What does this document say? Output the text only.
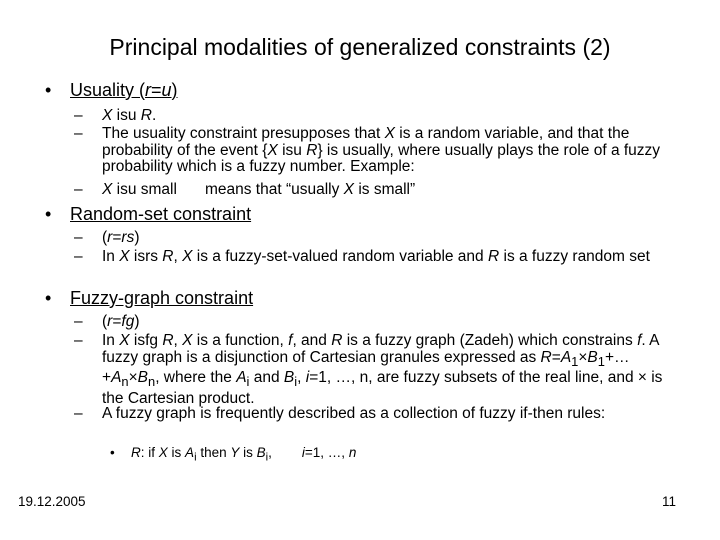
Principal modalities of generalized constraints (2)
• Usuality (r=u)
– X isu R.
– The usuality constraint presupposes that X is a random variable, and that the probability of the event {X isu R} is usually, where usually plays the role of a fuzzy probability which is a fuzzy number. Example:
– X isu small means that “usually X is small”
• Random-set constraint
– (r=rs)
– In X isrs R, X is a fuzzy-set-valued random variable and R is a fuzzy random set
• Fuzzy-graph constraint
– (r=fg)
– In X isfg R, X is a function, f, and R is a fuzzy graph (Zadeh) which constrains f. A fuzzy graph is a disjunction of Cartesian granules expressed as $R=A_1\times B_1+\dots+A_n\times B_n$, where the $A_i$ and $B_i$, i=1, …, n, are fuzzy subsets of the real line, and × is the Cartesian product.
– A fuzzy graph is frequently described as a collection of fuzzy if-then rules:
• R: if X is $A_i$ then Y is $B_i$, i=1, …, n
19.12.2005	11
